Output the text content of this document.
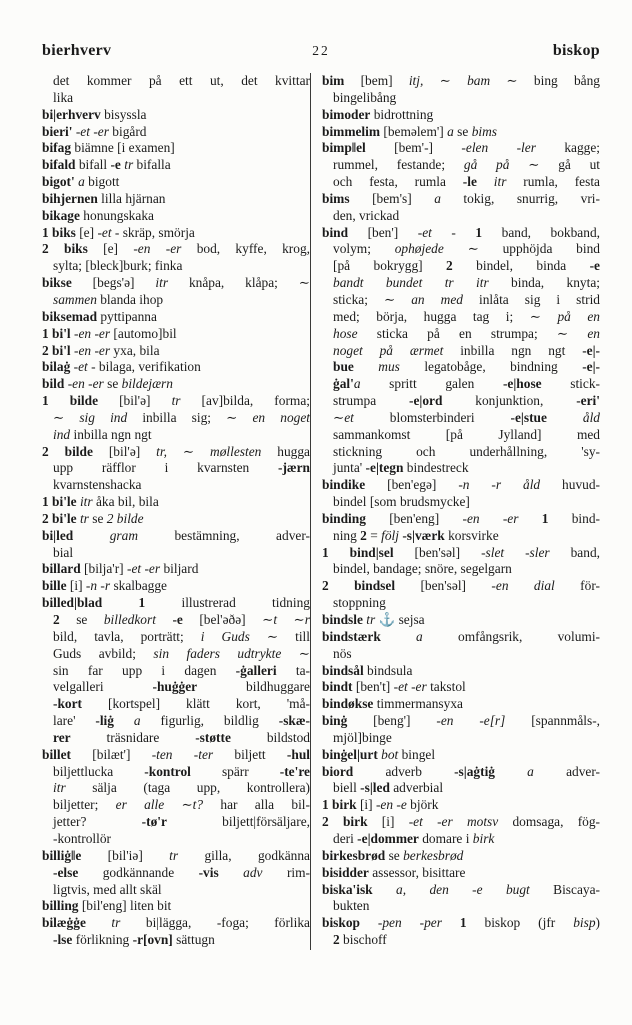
bierhverv	22	biskop
det kommer på ett ut, det kvittar
lika
bi|erhverv bisyssla
bieri' -et -er bigård
bifag biämne [i examen]
bifald bifall -e tr bifalla
bigot' a bigott
bihjernen lilla hjärnan
bikage honungskaka
1 biks [e] -et - skräp, smörja
2 biks [e] -en -er bod, kyffe, krog,
sylta; [bleck]burk; finka
bikse [begs'ə] itr knåpa, klåpa; ∼
sammen blanda ihop
biksemad pyttipanna
1 bi'l -en -er [automo]bil
2 bi'l -en -er yxa, bila
bilaġ -et - bilaga, verifikation
bild -en -er se bildejærn
1 bilde [bil'ə] tr [av]bilda, forma;
∼ sig ind inbilla sig; ∼ en noget
ind inbilla ngn ngt
2 bilde [bil'ə] tr, ∼ møllesten hugga
upp räfflor i kvarnsten -jærn
kvarnstenshacka
1 bi'le itr åka bil, bila
2 bi'le tr se 2 bilde
bi|led gram bestämning, adver-
bial
billard [bilja'r] -et -er biljard
bille [i] -n -r skalbagge
billed|blad 1 illustrerad tidning
2 se billedkort -e [bel'əðə] ∼t ∼r
bild, tavla, porträtt; i Guds ∼ till
Guds avbild; sin faders udtrykte ∼
sin far upp i dagen -ġalleri ta-
velgalleri -huġġer bildhuggare
-kort [kortspel] klätt kort, 'må-
lare' -liġ a figurlig, bildlig -skæ-
rer träsnidare -støtte bildstod
billet [bilæt'] -ten -ter biljett -hul
biljettlucka -kontrol spärr -te're
itr sälja (taga upp, kontrollera)
biljetter; er alle ∼t? har alla bil-
jetter? -tø'r biljett|försäljare,
-kontrollör
billiġ‖e [bil'iə] tr gilla, godkänna
-else godkännande -vis adv rim-
ligtvis, med allt skäl
billing [bil'eng] liten bit
bilæġġe tr bi|lägga, -foga; förlika
-lse förlikning -r[ovn] sättugn
bim [bem] itj, ∼ bam ∼ bing bång
bingelibång
bimoder bidrottning
bimmelim [beməlem'] a se bims
bimp‖el [bem'-] -elen -ler kagge;
rummel, festande; gå på ∼ gå ut
och festa, rumla -le itr rumla, festa
bims [bem's] a tokig, snurrig, vri-
den, vrickad
bind [ben'] -et - 1 band, bokband,
volym; ophøjede ∼ upphöjda bind
[på bokrygg] 2 bindel, binda -e
bandt bundet tr itr binda, knyta;
sticka; ∼ an med inlåta sig i strid
med; börja, hugga tag i; ∼ på en
hose sticka på en strumpa; ∼ en
noget på ærmet inbilla ngn ngt -e|-
bue mus legatobåge, bindning -e|-
ġal'a spritt galen -e|hose stick-
strumpa -e|ord konjunktion, -eri'
∼et blomsterbinderi -e|stue åld
sammankomst [på Jylland] med
stickning och underhållning, 'sy-
junta' -e|tegn bindestreck
bindike [ben'egə] -n -r åld huvud-
bindel [som brudsmycke]
binding [ben'eng] -en -er 1 bind-
ning 2 = följ -s|værk korsvirke
1 bind|sel [ben'səl] -slet -sler band,
bindel, bandage; snöre, segelgarn
2 bindsel [ben'səl] -en dial för-
stoppning
bindsle tr ⚓ sejsa
bindstærk a omfångsrik, volumi-
nös
bindsål bindsula
bindt [ben't] -et -er takstol
bindøkse timmermansyxa
binġ [beng'] -en -e[r] [spannmåls-,
mjöl]binge
binġel|urt bot bingel
biord adverb -s|aġtiġ a adver-
biell -s|led adverbial
1 birk [i] -en -e björk
2 birk [i] -et -er motsv domsaga, fög-
deri -e|dommer domare i birk
birkesbrød se berkesbrød
bisidder assessor, bisittare
biska'isk a, den -e bugt Biscaya-
bukten
biskop -pen -per 1 biskop (jfr bisp)
2 bischoff
